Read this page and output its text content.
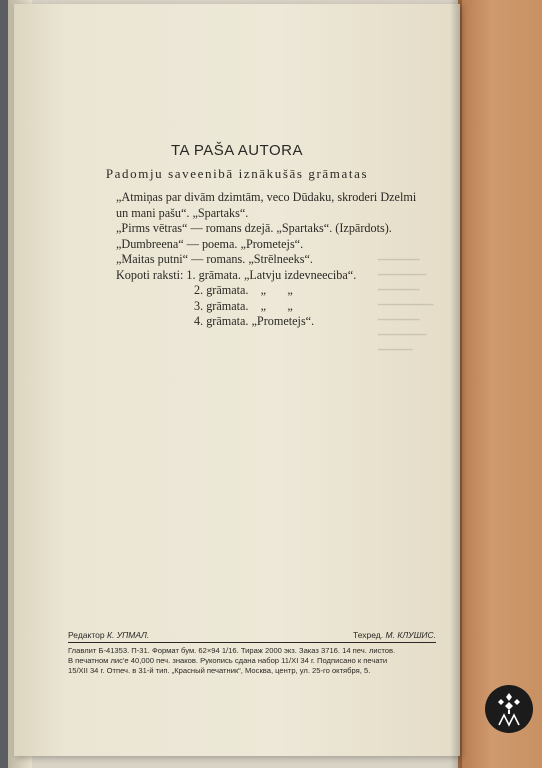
TA PAŠA AUTORA
Padomju saveenibā iznākušās grāmatas
„Atmiņas par divām dzimtām, veco Dūdaku, skroderi Dzelmi
un mani pašu“. „Spartaks“.
„Pirms vētras“ — romans dzejā. „Spartaks“. (Izpārdots).
„Dumbreena“ — poema. „Prometejs“.
„Maitas putni“ — romans. „Strēlneeks“.
Kopoti raksti: 1. grāmata. „Latvju izdevneeciba“.
2. grāmata.    „       „
3. grāmata.    „       „
4. grāmata. „Prometejs“.
▁▁▁▁▁▁
▁▁▁▁▁▁▁
▁▁▁▁▁▁
▁▁▁▁▁▁▁▁
▁▁▁▁▁▁
▁▁▁▁▁▁▁
▁▁▁▁▁
Редактор К. УПМАЛ.	Техред. М. КЛУШИС.
Главлит Б-41353. П-31. Формат бум. 62×94 1/16. Тираж 2000 экз. Заказ 3716. 14 печ. листов.
В печатном лис'е 40,000 печ. знаков. Рукопись сдана набор 11/XI 34 г. Подписано к печати
15/XII 34 г. Отпеч. в 31-й тип. „Красный печатник“, Москва, центр, ул. 25-го октября, 5.
